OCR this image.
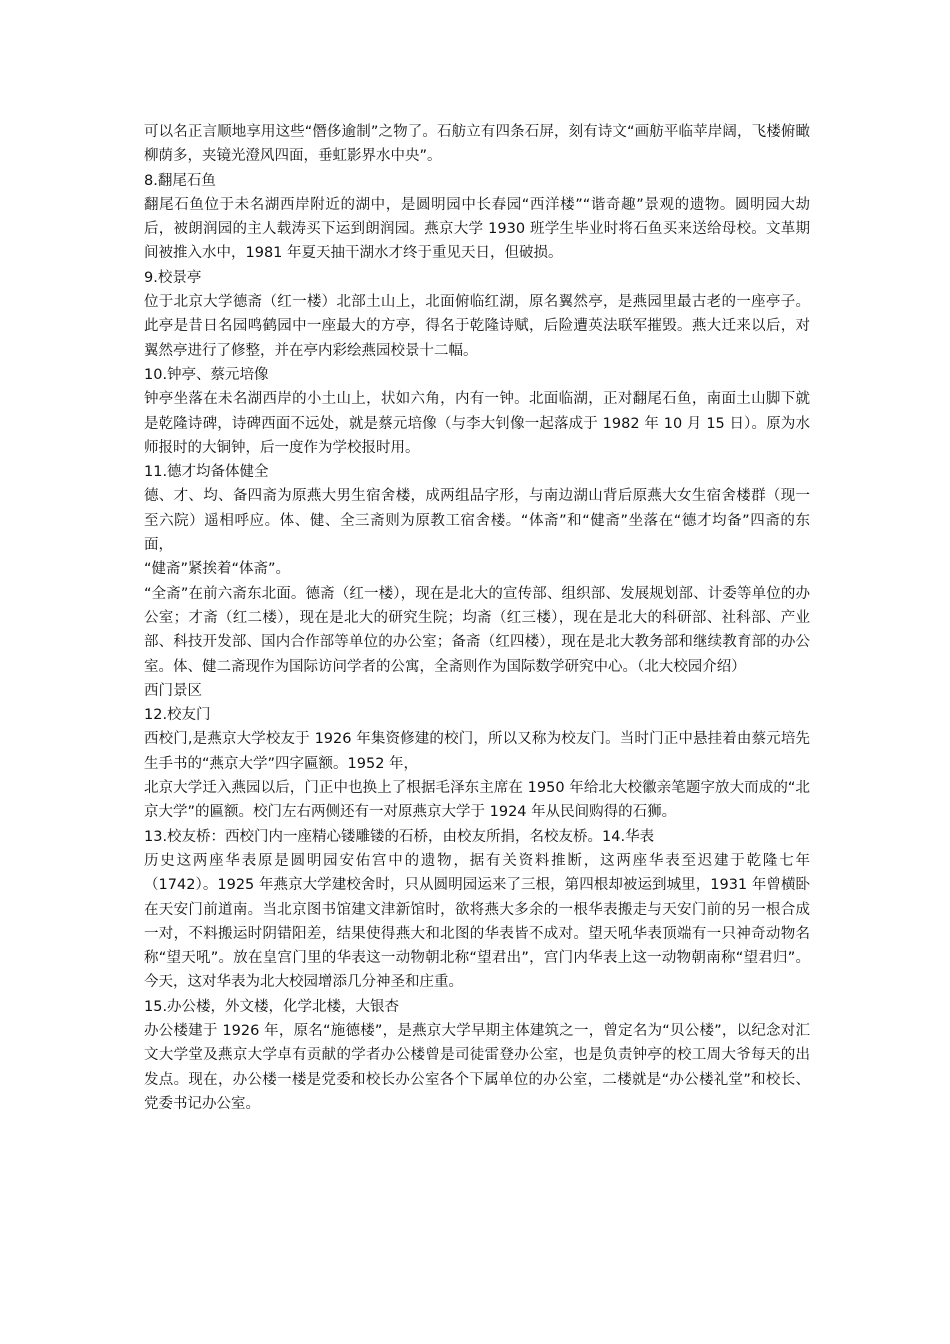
可以名正言顺地享用这些“僭侈逾制”之物了。石舫立有四条石屏，刻有诗文“画舫平临苹岸阔，飞楼俯瞰柳荫多，夹镜光澄风四面，垂虹影界水中央”。

8.翻尾石鱼

翻尾石鱼位于未名湖西岸附近的湖中，是圆明园中长春园“西洋楼”“谐奇趣”景观的遗物。圆明园大劫后，被朗润园的主人载涛买下运到朗润园。燕京大学 1930 班学生毕业时将石鱼买来送给母校。文革期间被推入水中，1981 年夏天抽干湖水才终于重见天日，但破损。

9.校景亭

位于北京大学德斋（红一楼）北部土山上，北面俯临红湖，原名翼然亭，是燕园里最古老的一座亭子。此亭是昔日名园鸣鹤园中一座最大的方亭，得名于乾隆诗赋，后险遭英法联军摧毁。燕大迁来以后，对翼然亭进行了修整，并在亭内彩绘燕园校景十二幅。

10.钟亭、蔡元培像

钟亭坐落在未名湖西岸的小土山上，状如六角，内有一钟。北面临湖，正对翻尾石鱼，南面土山脚下就是乾隆诗碑，诗碑西面不远处，就是蔡元培像（与李大钊像一起落成于 1982 年 10 月 15 日）。原为水师报时的大铜钟，后一度作为学校报时用。

11.德才均备体健全

德、才、均、备四斋为原燕大男生宿舍楼，成两组品字形，与南边湖山背后原燕大女生宿舍楼群（现一至六院）遥相呼应。体、健、全三斋则为原教工宿舍楼。“体斋”和“健斋”坐落在“德才均备”四斋的东面，

“健斋”紧挨着“体斋”。

“全斋”在前六斋东北面。德斋（红一楼），现在是北大的宣传部、组织部、发展规划部、计委等单位的办公室；才斋（红二楼），现在是北大的研究生院；均斋（红三楼），现在是北大的科研部、社科部、产业部、科技开发部、国内合作部等单位的办公室；备斋（红四楼），现在是北大教务部和继续教育部的办公室。体、健二斋现作为国际访问学者的公寓，全斋则作为国际数学研究中心。（北大校园介绍）

西门景区

12.校友门

西校门,是燕京大学校友于 1926 年集资修建的校门，所以又称为校友门。当时门正中悬挂着由蔡元培先生手书的“燕京大学”四字匾额。1952 年，

北京大学迁入燕园以后，门正中也换上了根据毛泽东主席在 1950 年给北大校徽亲笔题字放大而成的“北京大学”的匾额。校门左右两侧还有一对原燕京大学于 1924 年从民间购得的石狮。

13.校友桥：西校门内一座精心镂雕镂的石桥，由校友所捐，名校友桥。14.华表

历史这两座华表原是圆明园安佑宫中的遗物，据有关资料推断，这两座华表至迟建于乾隆七年（1742）。1925 年燕京大学建校舍时，只从圆明园运来了三根，第四根却被运到城里，1931 年曾横卧在天安门前道南。当北京图书馆建文津新馆时，欲将燕大多余的一根华表搬走与天安门前的另一根合成一对，不料搬运时阴错阳差，结果使得燕大和北图的华表皆不成对。望天吼华表顶端有一只神奇动物名称“望天吼”。放在皇宫门里的华表这一动物朝北称“望君出”，宫门内华表上这一动物朝南称“望君归”。今天，这对华表为北大校园增添几分神圣和庄重。

15.办公楼，外文楼，化学北楼，大银杏

办公楼建于 1926 年，原名“施德楼”，是燕京大学早期主体建筑之一，曾定名为“贝公楼”，以纪念对汇文大学堂及燕京大学卓有贡献的学者办公楼曾是司徒雷登办公室，也是负责钟亭的校工周大爷每天的出发点。现在，办公楼一楼是党委和校长办公室各个下属单位的办公室，二楼就是“办公楼礼堂”和校长、党委书记办公室。
